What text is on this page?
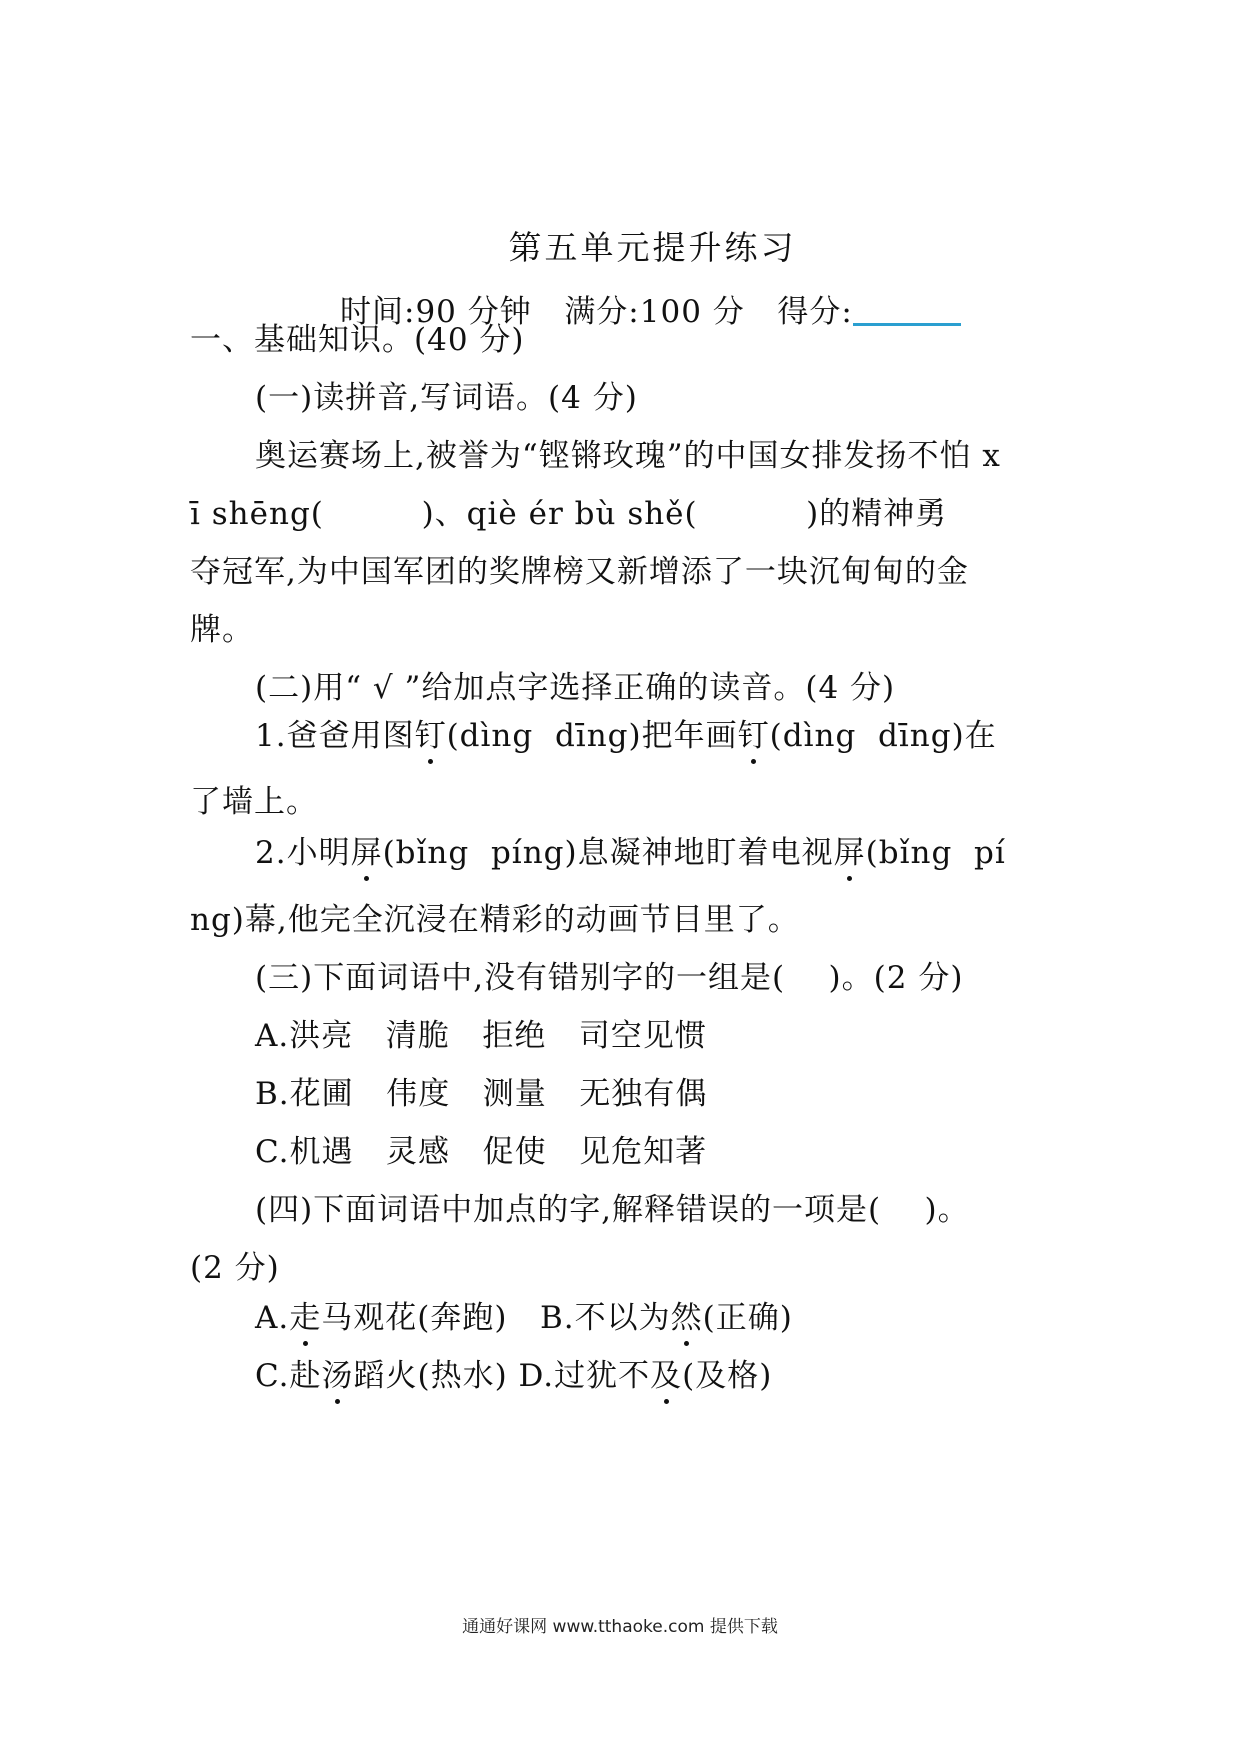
第五单元提升练习
时间:90 分钟 满分:100 分 得分:
一、基础知识。(40 分)
(一)读拼音,写词语。(4 分)
奥运赛场上,被誉为“铿锵玫瑰”的中国女排发扬不怕 x
ī shēng(         )、qiè ér bù shě(          )的精神勇
夺冠军,为中国军团的奖牌榜又新增添了一块沉甸甸的金
牌。
(二)用“ √ ”给加点字选择正确的读音。(4 分)
1.爸爸用图钉(dìng  dīng)把年画钉(dìng  dīng)在
了墙上。
2.小明屏(bǐng  píng)息凝神地盯着电视屏(bǐng  pí
ng)幕,他完全沉浸在精彩的动画节目里了。
(三)下面词语中,没有错别字的一组是(    )。(2 分)
A.洪亮   清脆   拒绝   司空见惯
B.花圃   伟度   测量   无独有偶
C.机遇   灵感   促使   见危知著
(四)下面词语中加点的字,解释错误的一项是(    )。
(2 分)
A.走马观花(奔跑)   B.不以为然(正确)
C.赴汤蹈火(热水) D.过犹不及(及格)
通通好课网 www.tthaoke.com 提供下载
